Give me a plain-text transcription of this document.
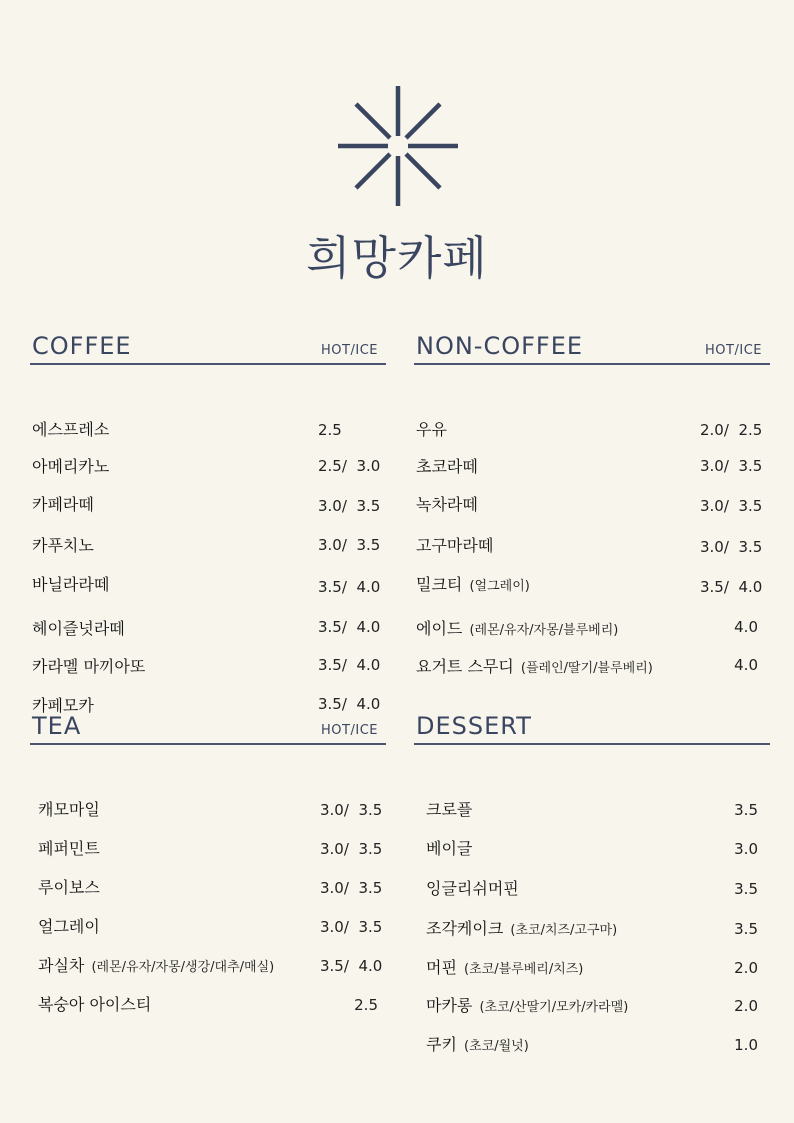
희망카페
COFFEE	HOT/ICE
에스프레소	2.5
아메리카노	2.5/  3.0
카페라떼	3.0/  3.5
카푸치노	3.0/  3.5
바닐라라떼	3.5/  4.0
헤이즐넛라떼	3.5/  4.0
카라멜 마끼아또	3.5/  4.0
카페모카	3.5/  4.0
NON-COFFEE	HOT/ICE
우유	2.0/  2.5
초코라떼	3.0/  3.5
녹차라떼	3.0/  3.5
고구마라떼	3.0/  3.5
밀크티 (얼그레이)	3.5/  4.0
에이드 (레몬/유자/자몽/블루베리)	4.0
요거트 스무디 (플레인/딸기/블루베리)	4.0
TEA	HOT/ICE
캐모마일	3.0/  3.5
페퍼민트	3.0/  3.5
루이보스	3.0/  3.5
얼그레이	3.0/  3.5
과실차 (레몬/유자/자몽/생강/대추/매실)	3.5/  4.0
복숭아 아이스티	2.5
DESSERT
크로플	3.5
베이글	3.0
잉글리쉬머핀	3.5
조각케이크 (초코/치즈/고구마)	3.5
머핀 (초코/블루베리/치즈)	2.0
마카롱 (초코/산딸기/모카/카라멜)	2.0
쿠키 (초코/월넛)	1.0
